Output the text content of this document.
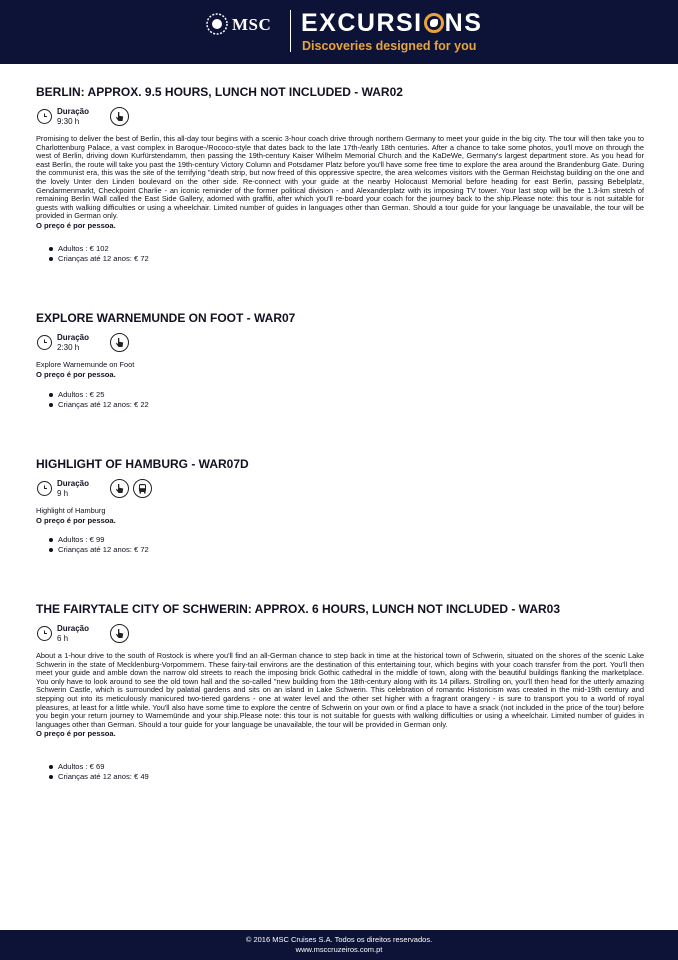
MSC EXCURSI NS
Discoveries designed for you
BERLIN: APPROX. 9.5 HOURS, LUNCH NOT INCLUDED - WAR02
Duração
9:30 h

Promising to deliver the best of Berlin, this all-day tour begins with a scenic 3-hour coach drive through northern Germany to meet your guide in the big city. The tour will then take you to Charlottenburg Palace, a vast complex in Baroque-/Rococo-style that dates back to the late 17th-/early 18th centuries. After a chance to take some photos, you'll move on through the west of Berlin, driving down Kurfürstendamm, then passing the 19th-century Kaiser Wilhelm Memorial Church and the KaDeWe, Germany's largest department store. As you head for east Berlin, the route will take you past the 19th-century Victory Column and Potsdamer Platz before you'll have some free time to explore the area around the Brandenburg Gate. During the communist era, this was the site of the terrifying "death strip, but now freed of this oppressive spectre, the area welcomes visitors with the German Reichstag building on the one and the lovely Unter den Linden boulevard on the other side. Re-connect with your guide at the nearby Holocaust Memorial before heading for east Berlin, passing Bebelplatz, Gendarmenmarkt, Checkpoint Charlie - an iconic reminder of the former political division - and Alexanderplatz with its imposing TV tower. Your last stop will be the 1.3-km stretch of remaining Berlin Wall called the East Side Gallery, adorned with graffiti, after which you'll re-board your coach for the journey back to the ship.Please note: this tour is not suitable for guests with walking difficulties or using a wheelchair. Limited number of guides in languages other than German. Should a tour guide for your language be unavailable, the tour will be provided in German only.

O preço é por pessoa.

Adultos : € 102
Crianças até 12 anos: € 72
EXPLORE WARNEMUNDE ON FOOT - WAR07
Duração
2:30 h

Explore Warnemunde on Foot

O preço é por pessoa.

Adultos : € 25
Crianças até 12 anos: € 22
HIGHLIGHT OF HAMBURG - WAR07D
Duração
9 h

Highlight of Hamburg

O preço é por pessoa.

Adultos : € 99
Crianças até 12 anos: € 72
THE FAIRYTALE CITY OF SCHWERIN: APPROX. 6 HOURS, LUNCH NOT INCLUDED - WAR03
Duração
6 h

About a 1-hour drive to the south of Rostock is where you'll find an all-German chance to step back in time at the historical town of Schwerin, situated on the shores of the scenic Lake Schwerin in the state of Mecklenburg-Vorpommern. These fairy-tail environs are the destination of this entertaining tour, which begins with your coach transfer from the port. You'll then meet your guide and amble down the narrow old streets to reach the imposing brick Gothic cathedral in the middle of town, along with the beautiful buildings flanking the marketplace. You only have to look around to see the old town hall and the so-called "new building from the 18th-century along with its 14 pillars. Strolling on, you'll then head for the utterly amazing Schwerin Castle, which is surrounded by palatial gardens and sits on an island in Lake Schwerin. This celebration of romantic Historicism was created in the mid-19th century and stepping out into its meticulously manicured two-tiered gardens - one at water level and the other set higher with a fragrant orangery - is sure to transport you to a world of royal pleasures, at least for a little while. You'll also have some time to explore the centre of Schwerin on your own or find a place to have a snack (not included in the price of the tour) before you begin your return journey to Warnemünde and your ship.Please note: this tour is not suitable for guests with walking difficulties or using a wheelchair. Limited number of guides in languages other than German. Should a tour guide for your language be unavailable, the tour will be provided in German only.

O preço é por pessoa.

Adultos : € 69
Crianças até 12 anos: € 49
© 2016 MSC Cruises S.A. Todos os direitos reservados.
www.msccruzeiros.com.pt
